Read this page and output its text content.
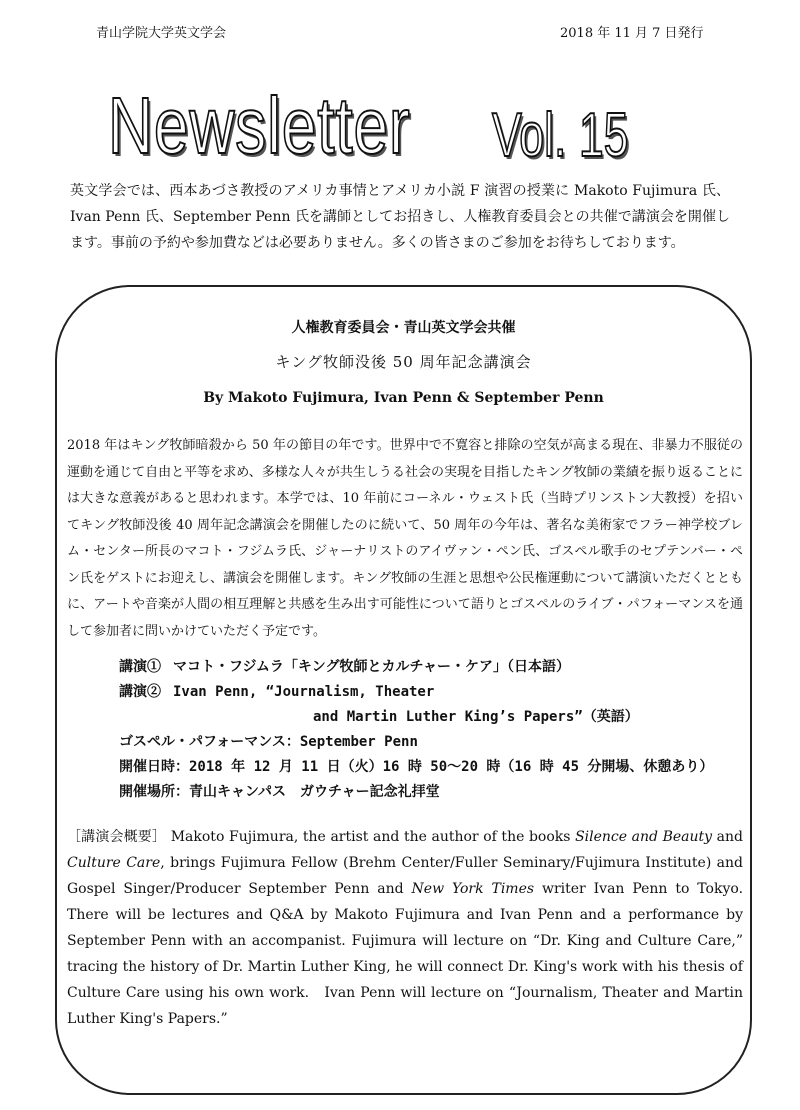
青山学院大学英文学会	2018 年 11 月 7 日発行
Newsletter Vol. 15
英文学会では、西本あづさ教授のアメリカ事情とアメリカ小説 F 演習の授業に Makoto Fujimura 氏、Ivan Penn 氏、September Penn 氏を講師としてお招きし、人権教育委員会との共催で講演会を開催します。事前の予約や参加費などは必要ありません。多くの皆さまのご参加をお待ちしております。
人権教育委員会・青山英文学会共催
キング牧師没後 50 周年記念講演会
By Makoto Fujimura, Ivan Penn & September Penn
2018 年はキング牧師暗殺から 50 年の節目の年です。世界中で不寛容と排除の空気が高まる現在、非暴力不服従の運動を通じて自由と平等を求め、多様な人々が共生しうる社会の実現を目指したキング牧師の業績を振り返ることには大きな意義があると思われます。本学では、10 年前にコーネル・ウェスト氏（当時プリンストン大教授）を招いてキング牧師没後 40 周年記念講演会を開催したのに続いて、50 周年の今年は、著名な美術家でフラー神学校ブレム・センター所長のマコト・フジムラ氏、ジャーナリストのアイヴァン・ペン氏、ゴスペル歌手のセプテンバー・ペン氏をゲストにお迎えし、講演会を開催します。キング牧師の生涯と思想や公民権運動について講演いただくとともに、アートや音楽が人間の相互理解と共感を生み出す可能性について語りとゴスペルのライブ・パフォーマンスを通して参加者に問いかけていただく予定です。
講演① マコト・フジムラ「キング牧師とカルチャー・ケア」（日本語）
講演② Ivan Penn, “Journalism, Theater
and Martin Luther King’s Papers”（英語）
ゴスペル・パフォーマンス：September Penn
開催日時：2018 年 12 月 11 日（火）16 時 50～20 時（16 時 45 分開場、休憩あり）
開催場所：青山キャンパス　ガウチャー記念礼拝堂
［講演会概要］ Makoto Fujimura, the artist and the author of the books Silence and Beauty and Culture Care, brings Fujimura Fellow (Brehm Center/Fuller Seminary/Fujimura Institute) and Gospel Singer/Producer September Penn and New York Times writer Ivan Penn to Tokyo. There will be lectures and Q&A by Makoto Fujimura and Ivan Penn and a performance by September Penn with an accompanist. Fujimura will lecture on “Dr. King and Culture Care,” tracing the history of Dr. Martin Luther King, he will connect Dr. King's work with his thesis of Culture Care using his own work.　Ivan Penn will lecture on “Journalism, Theater and Martin Luther King's Papers.”
